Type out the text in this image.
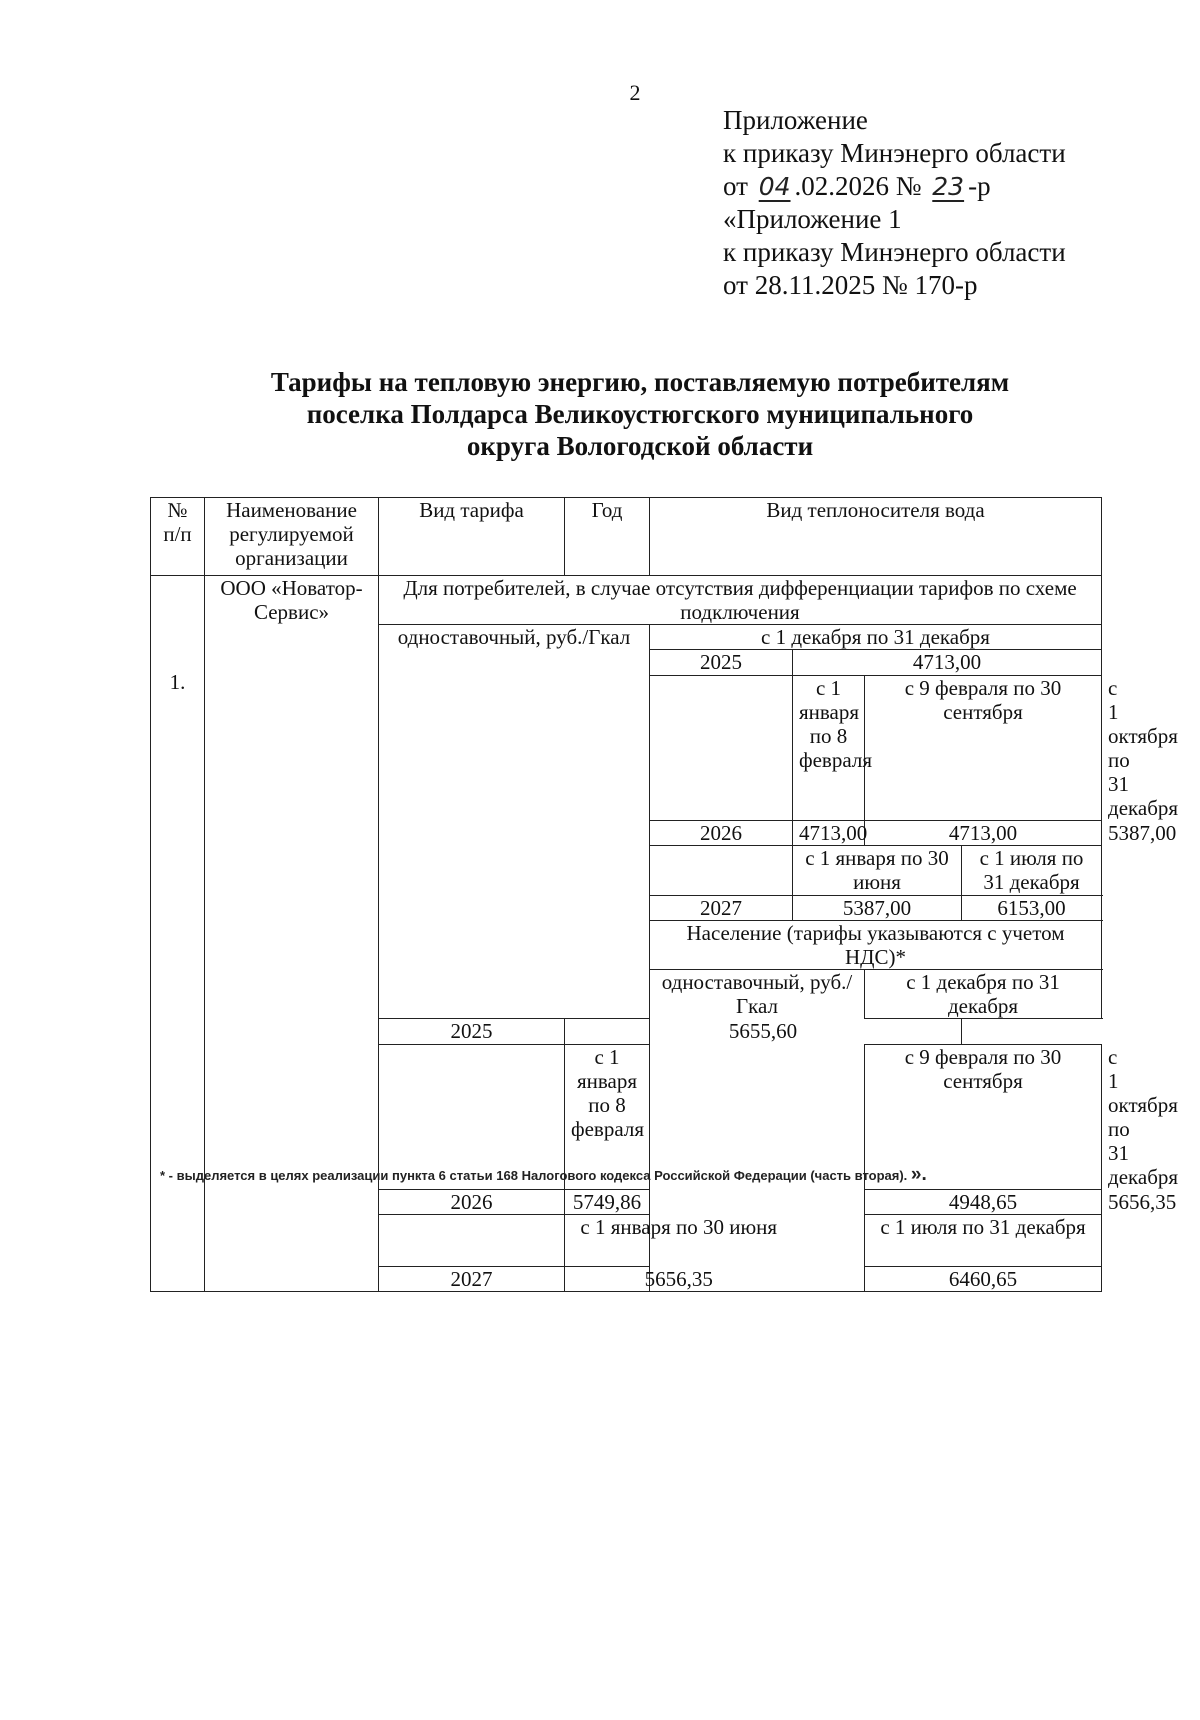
2
Приложение
к приказу Минэнерго области
от 04 .02.2026 № 23 -р
«Приложение 1
к приказу Минэнерго области
от 28.11.2025 № 170-р
Тарифы на тепловую энергию, поставляемую потребителям
поселка Полдарса Великоустюгского муниципального
округа Вологодской области
№ п/п	Наименование регулируемой организации	Вид тарифа	Год	Вид теплоносителя вода				

1.	ООО «Новатор-Сервис»	Для потребителей, в случае отсутствия дифференциации тарифов по схеме подключения						
		одноставочный, руб./Гкал		с 1 декабря по 31 декабря				
				2025	4713,00			
					с 1 января по 8 февраля	с 9 февраля по 30 сентября		с 1 октября по 31 декабря
				2026	4713,00	4713,00		5387,00
					с 1 января по 30 июня		с 1 июля по 31 декабря	
				2027	5387,00		6153,00	
				Население (тарифы указываются с учетом НДС)*				
				одноставочный, руб./Гкал		с 1 декабря по 31 декабря		
		2025	5655,60					
			с 1 января по 8 февраля			с 9 февраля по 30 сентября		с 1 октября по 31 декабря
		2026	5749,86			4948,65		5656,35
			с 1 января по 30 июня			с 1 июля по 31 декабря		
		2027	5656,35			6460,65		
* - выделяется в целях реализации пункта 6 статьи 168 Налогового кодекса Российской Федерации (часть вторая). ».
